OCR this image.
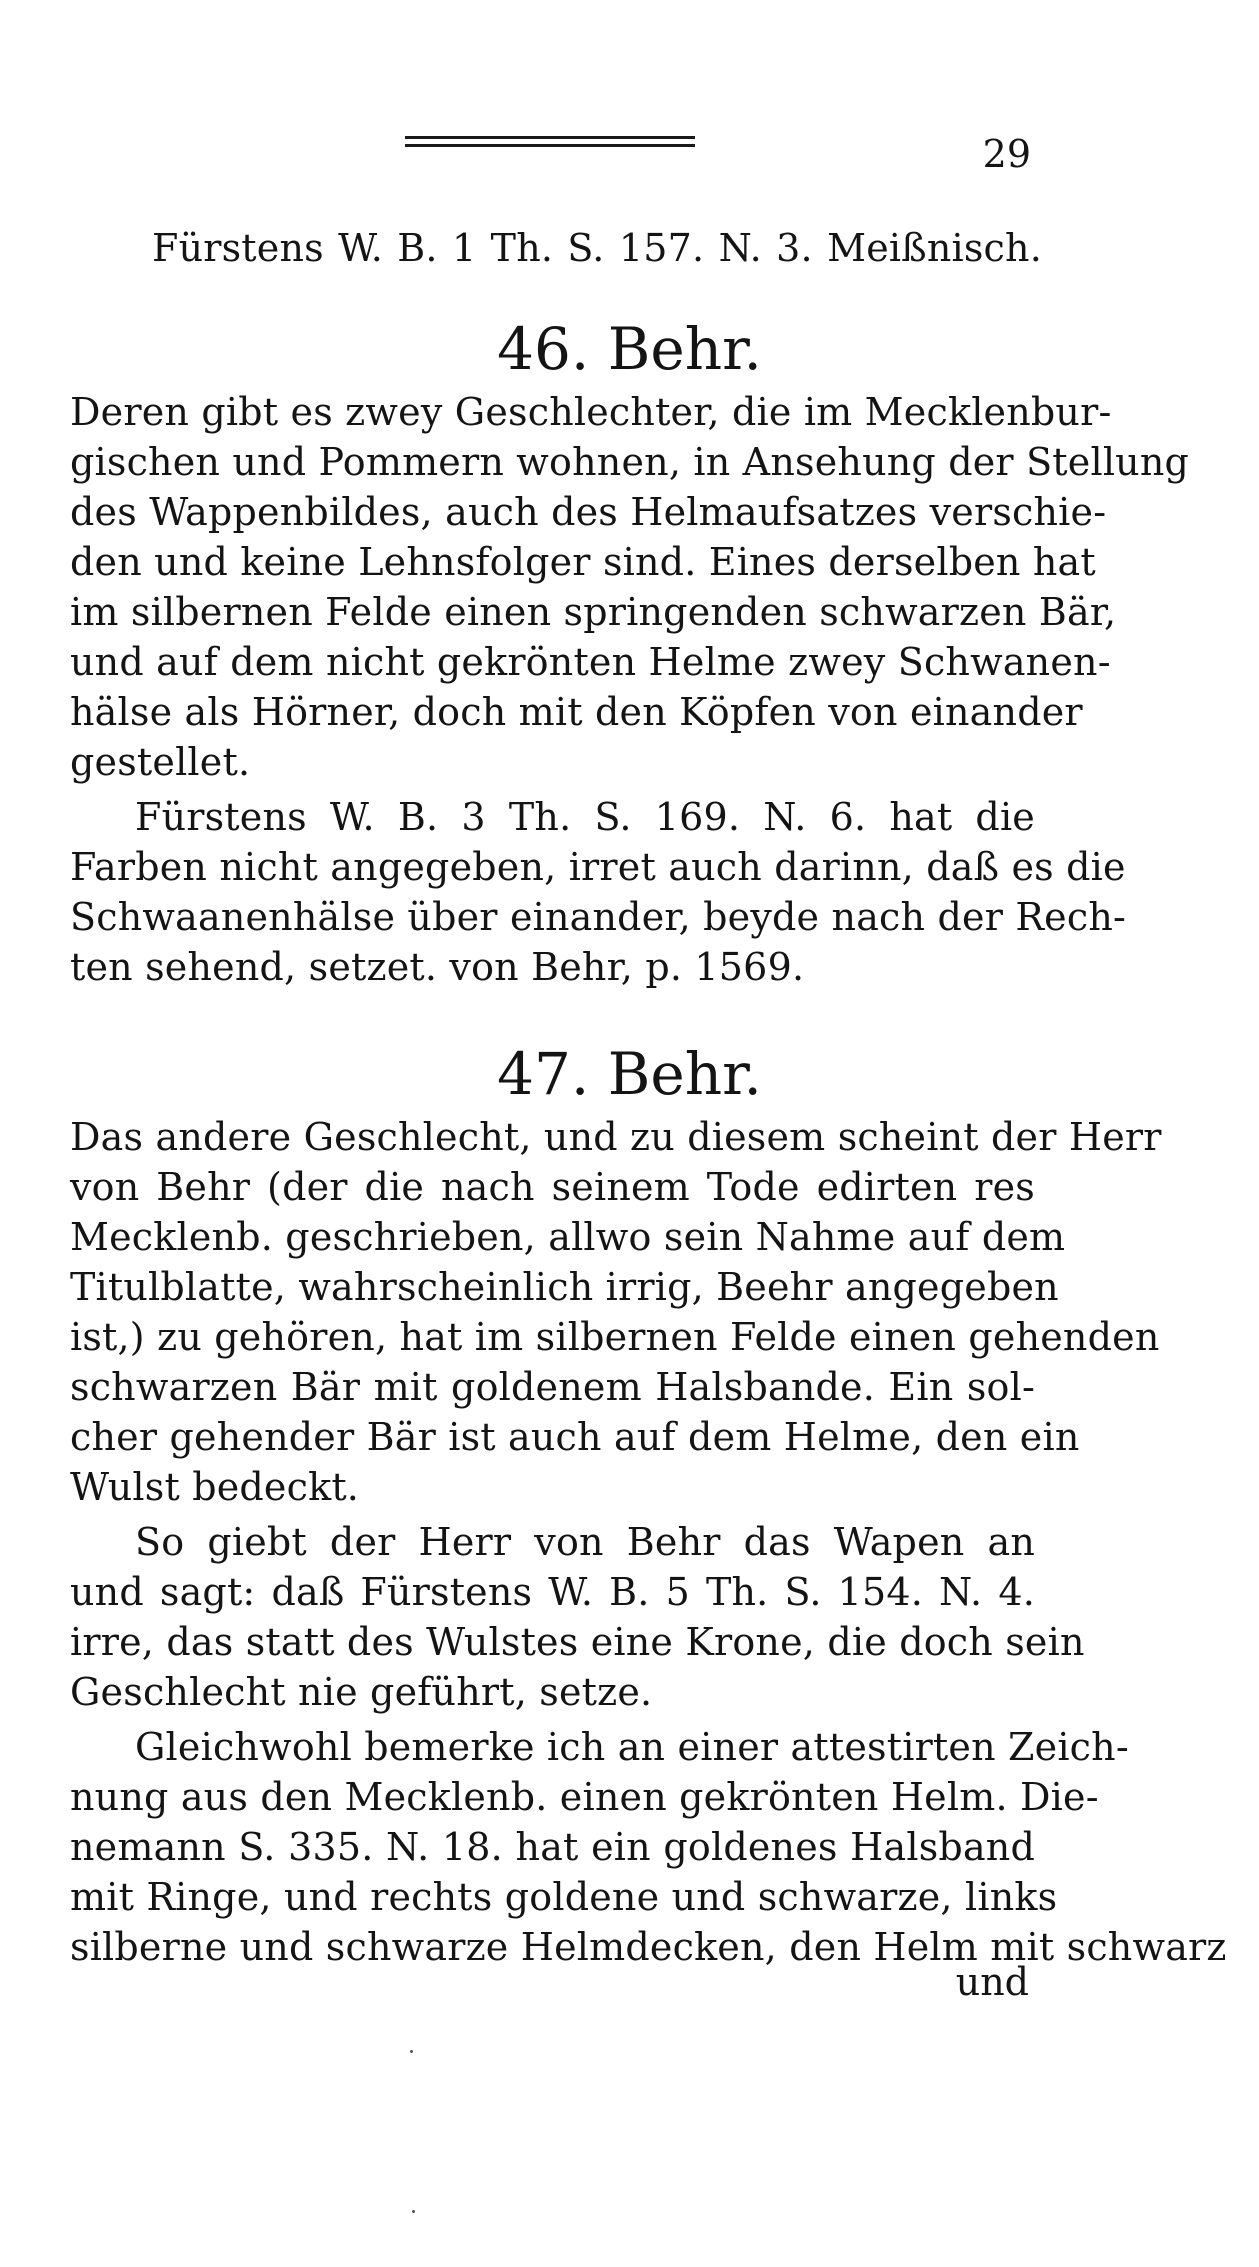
29
Fürstens W. B. 1 Th. S. 157. N. 3. Meißnisch.
46. Behr.
Deren gibt es zwey Geschlechter, die im Mecklenbur-
gischen und Pommern wohnen, in Ansehung der Stellung
des Wappenbildes, auch des Helmaufsatzes verschie-
den und keine Lehnsfolger sind. Eines derselben hat
im silbernen Felde einen springenden schwarzen Bär,
und auf dem nicht gekrönten Helme zwey Schwanen-
hälse als Hörner, doch mit den Köpfen von einander
gestellet.
Fürstens W. B. 3 Th. S. 169. N. 6. hat die
Farben nicht angegeben, irret auch darinn, daß es die
Schwaanenhälse über einander, beyde nach der Rech-
ten sehend, setzet. von Behr, p. 1569.
47. Behr.
Das andere Geschlecht, und zu diesem scheint der Herr
von Behr (der die nach seinem Tode edirten res
Mecklenb. geschrieben, allwo sein Nahme auf dem
Titulblatte, wahrscheinlich irrig, Beehr angegeben
ist,) zu gehören, hat im silbernen Felde einen gehenden
schwarzen Bär mit goldenem Halsbande. Ein sol-
cher gehender Bär ist auch auf dem Helme, den ein
Wulst bedeckt.
So giebt der Herr von Behr das Wapen an
und sagt: daß Fürstens W. B. 5 Th. S. 154. N. 4.
irre, das statt des Wulstes eine Krone, die doch sein
Geschlecht nie geführt, setze.
Gleichwohl bemerke ich an einer attestirten Zeich-
nung aus den Mecklenb. einen gekrönten Helm. Die-
nemann S. 335. N. 18. hat ein goldenes Halsband
mit Ringe, und rechts goldene und schwarze, links
silberne und schwarze Helmdecken, den Helm mit schwarz
und
